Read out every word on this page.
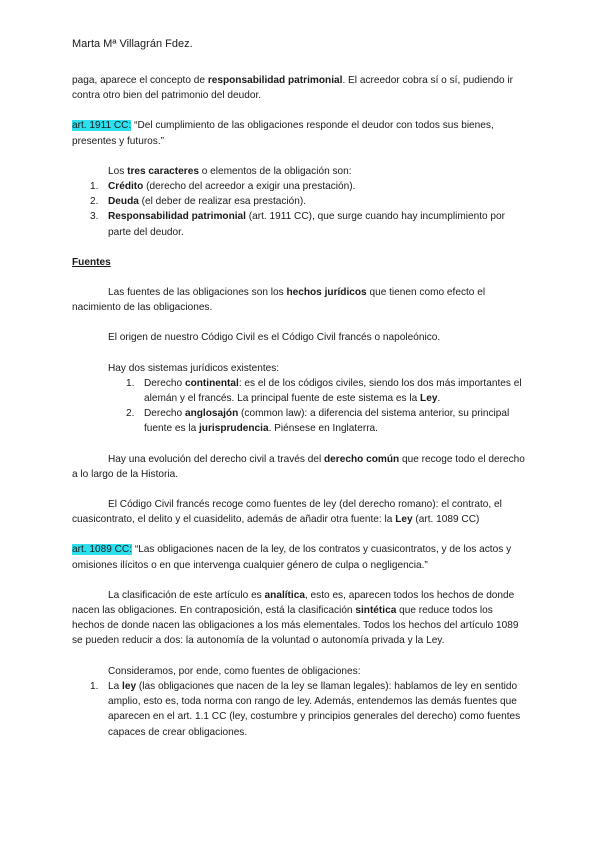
Marta Mª Villagrán Fdez.

paga, aparece el concepto de responsabilidad patrimonial. El acreedor cobra sí o sí, pudiendo ir contra otro bien del patrimonio del deudor.

art. 1911 CC: “Del cumplimiento de las obligaciones responde el deudor con todos sus bienes, presentes y futuros.”

Los tres caracteres o elementos de la obligación son:

1. Crédito (derecho del acreedor a exigir una prestación).
2. Deuda (el deber de realizar esa prestación).
3. Responsabilidad patrimonial (art. 1911 CC), que surge cuando hay incumplimiento por parte del deudor.

Fuentes

Las fuentes de las obligaciones son los hechos jurídicos que tienen como efecto el nacimiento de las obligaciones.

El origen de nuestro Código Civil es el Código Civil francés o napoleónico.

Hay dos sistemas jurídicos existentes:

1. Derecho continental: es el de los códigos civiles, siendo los dos más importantes el alemán y el francés. La principal fuente de este sistema es la Ley.
2. Derecho anglosajón (common law): a diferencia del sistema anterior, su principal fuente es la jurisprudencia. Piénsese en Inglaterra.

Hay una evolución del derecho civil a través del derecho común que recoge todo el derecho a lo largo de la Historia.

El Código Civil francés recoge como fuentes de ley (del derecho romano): el contrato, el cuasicontrato, el delito y el cuasidelito, además de añadir otra fuente: la Ley (art. 1089 CC)

art. 1089 CC: “Las obligaciones nacen de la ley, de los contratos y cuasicontratos, y de los actos y omisiones ilícitos o en que intervenga cualquier género de culpa o negligencia.”

La clasificación de este artículo es analítica, esto es, aparecen todos los hechos de donde nacen las obligaciones. En contraposición, está la clasificación sintética que reduce todos los hechos de donde nacen las obligaciones a los más elementales. Todos los hechos del artículo 1089 se pueden reducir a dos: la autonomía de la voluntad o autonomía privada y la Ley.

Consideramos, por ende, como fuentes de obligaciones:

1. La ley (las obligaciones que nacen de la ley se llaman legales): hablamos de ley en sentido amplio, esto es, toda norma con rango de ley. Además, entendemos las demás fuentes que aparecen en el art. 1.1 CC (ley, costumbre y principios generales del derecho) como fuentes capaces de crear obligaciones.
